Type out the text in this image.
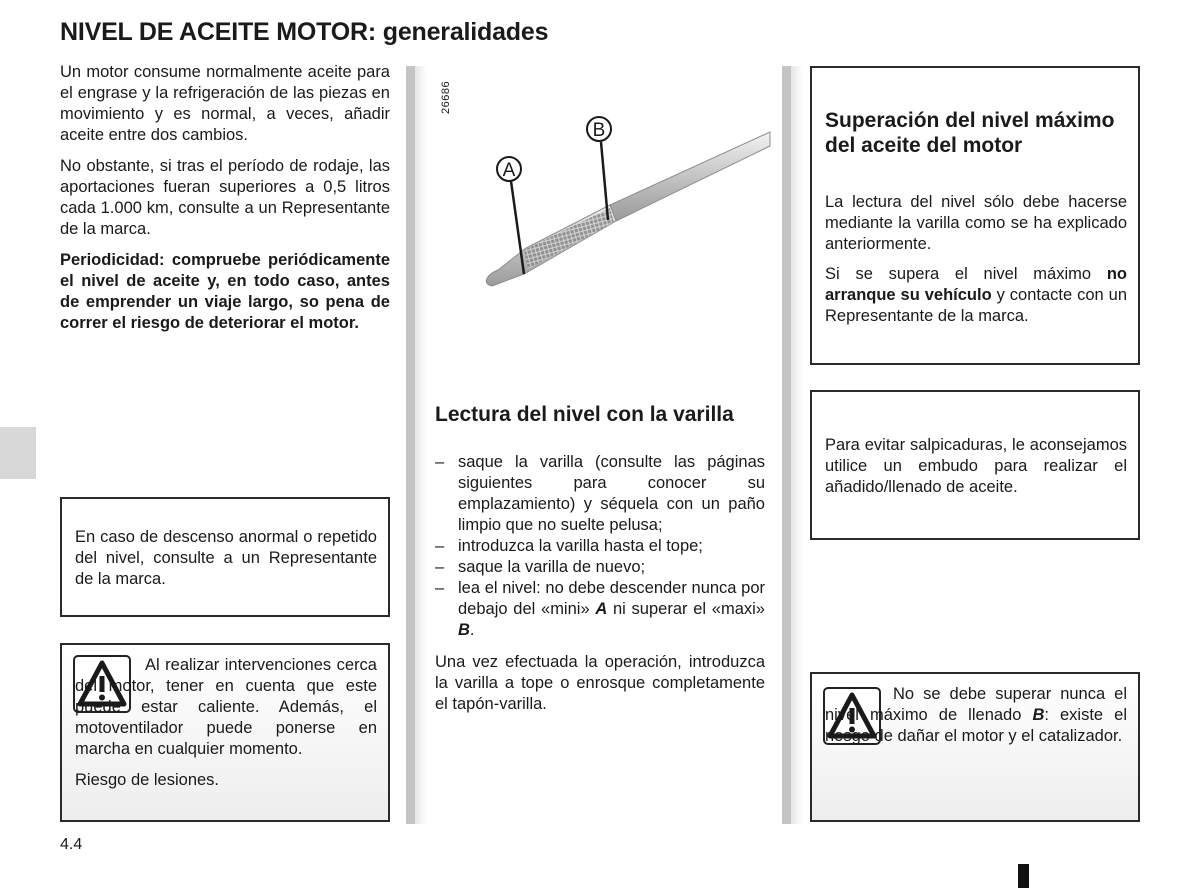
NIVEL DE ACEITE MOTOR: generalidades

Un motor consume normalmente aceite para el engrase y la refrigeración de las piezas en movimiento y es normal, a veces, añadir aceite entre dos cambios.

No obstante, si tras el período de rodaje, las aportaciones fueran superiores a 0,5 litros cada 1.000 km, consulte a un Representante de la marca.

Periodicidad: compruebe periódicamente el nivel de aceite y, en todo caso, antes de emprender un viaje largo, so pena de correr el riesgo de deteriorar el motor.

En caso de descenso anormal o repetido del nivel, consulte a un Representante de la marca.

Al realizar intervenciones cerca del motor, tener en cuenta que este puede estar caliente. Además, el motoventilador puede ponerse en marcha en cualquier momento.

Riesgo de lesiones.

26686
A
B
Lectura del nivel con la varilla
– saque la varilla (consulte las páginas siguientes para conocer su emplazamiento) y séquela con un paño limpio que no suelte pelusa;
– introduzca la varilla hasta el tope;
– saque la varilla de nuevo;
– lea el nivel: no debe descender nunca por debajo del «mini» A ni superar el «maxi» B.

Una vez efectuada la operación, introduzca la varilla a tope o enrosque completamente el tapón-varilla.

Superación del nivel máximo del aceite del motor

La lectura del nivel sólo debe hacerse mediante la varilla como se ha explicado anteriormente.

Si se supera el nivel máximo no arranque su vehículo y contacte con un Representante de la marca.

Para evitar salpicaduras, le aconsejamos utilice un embudo para realizar el añadido/llenado de aceite.

No se debe superar nunca el nivel máximo de llenado B: existe el riesgo de dañar el motor y el catalizador.

4.4
